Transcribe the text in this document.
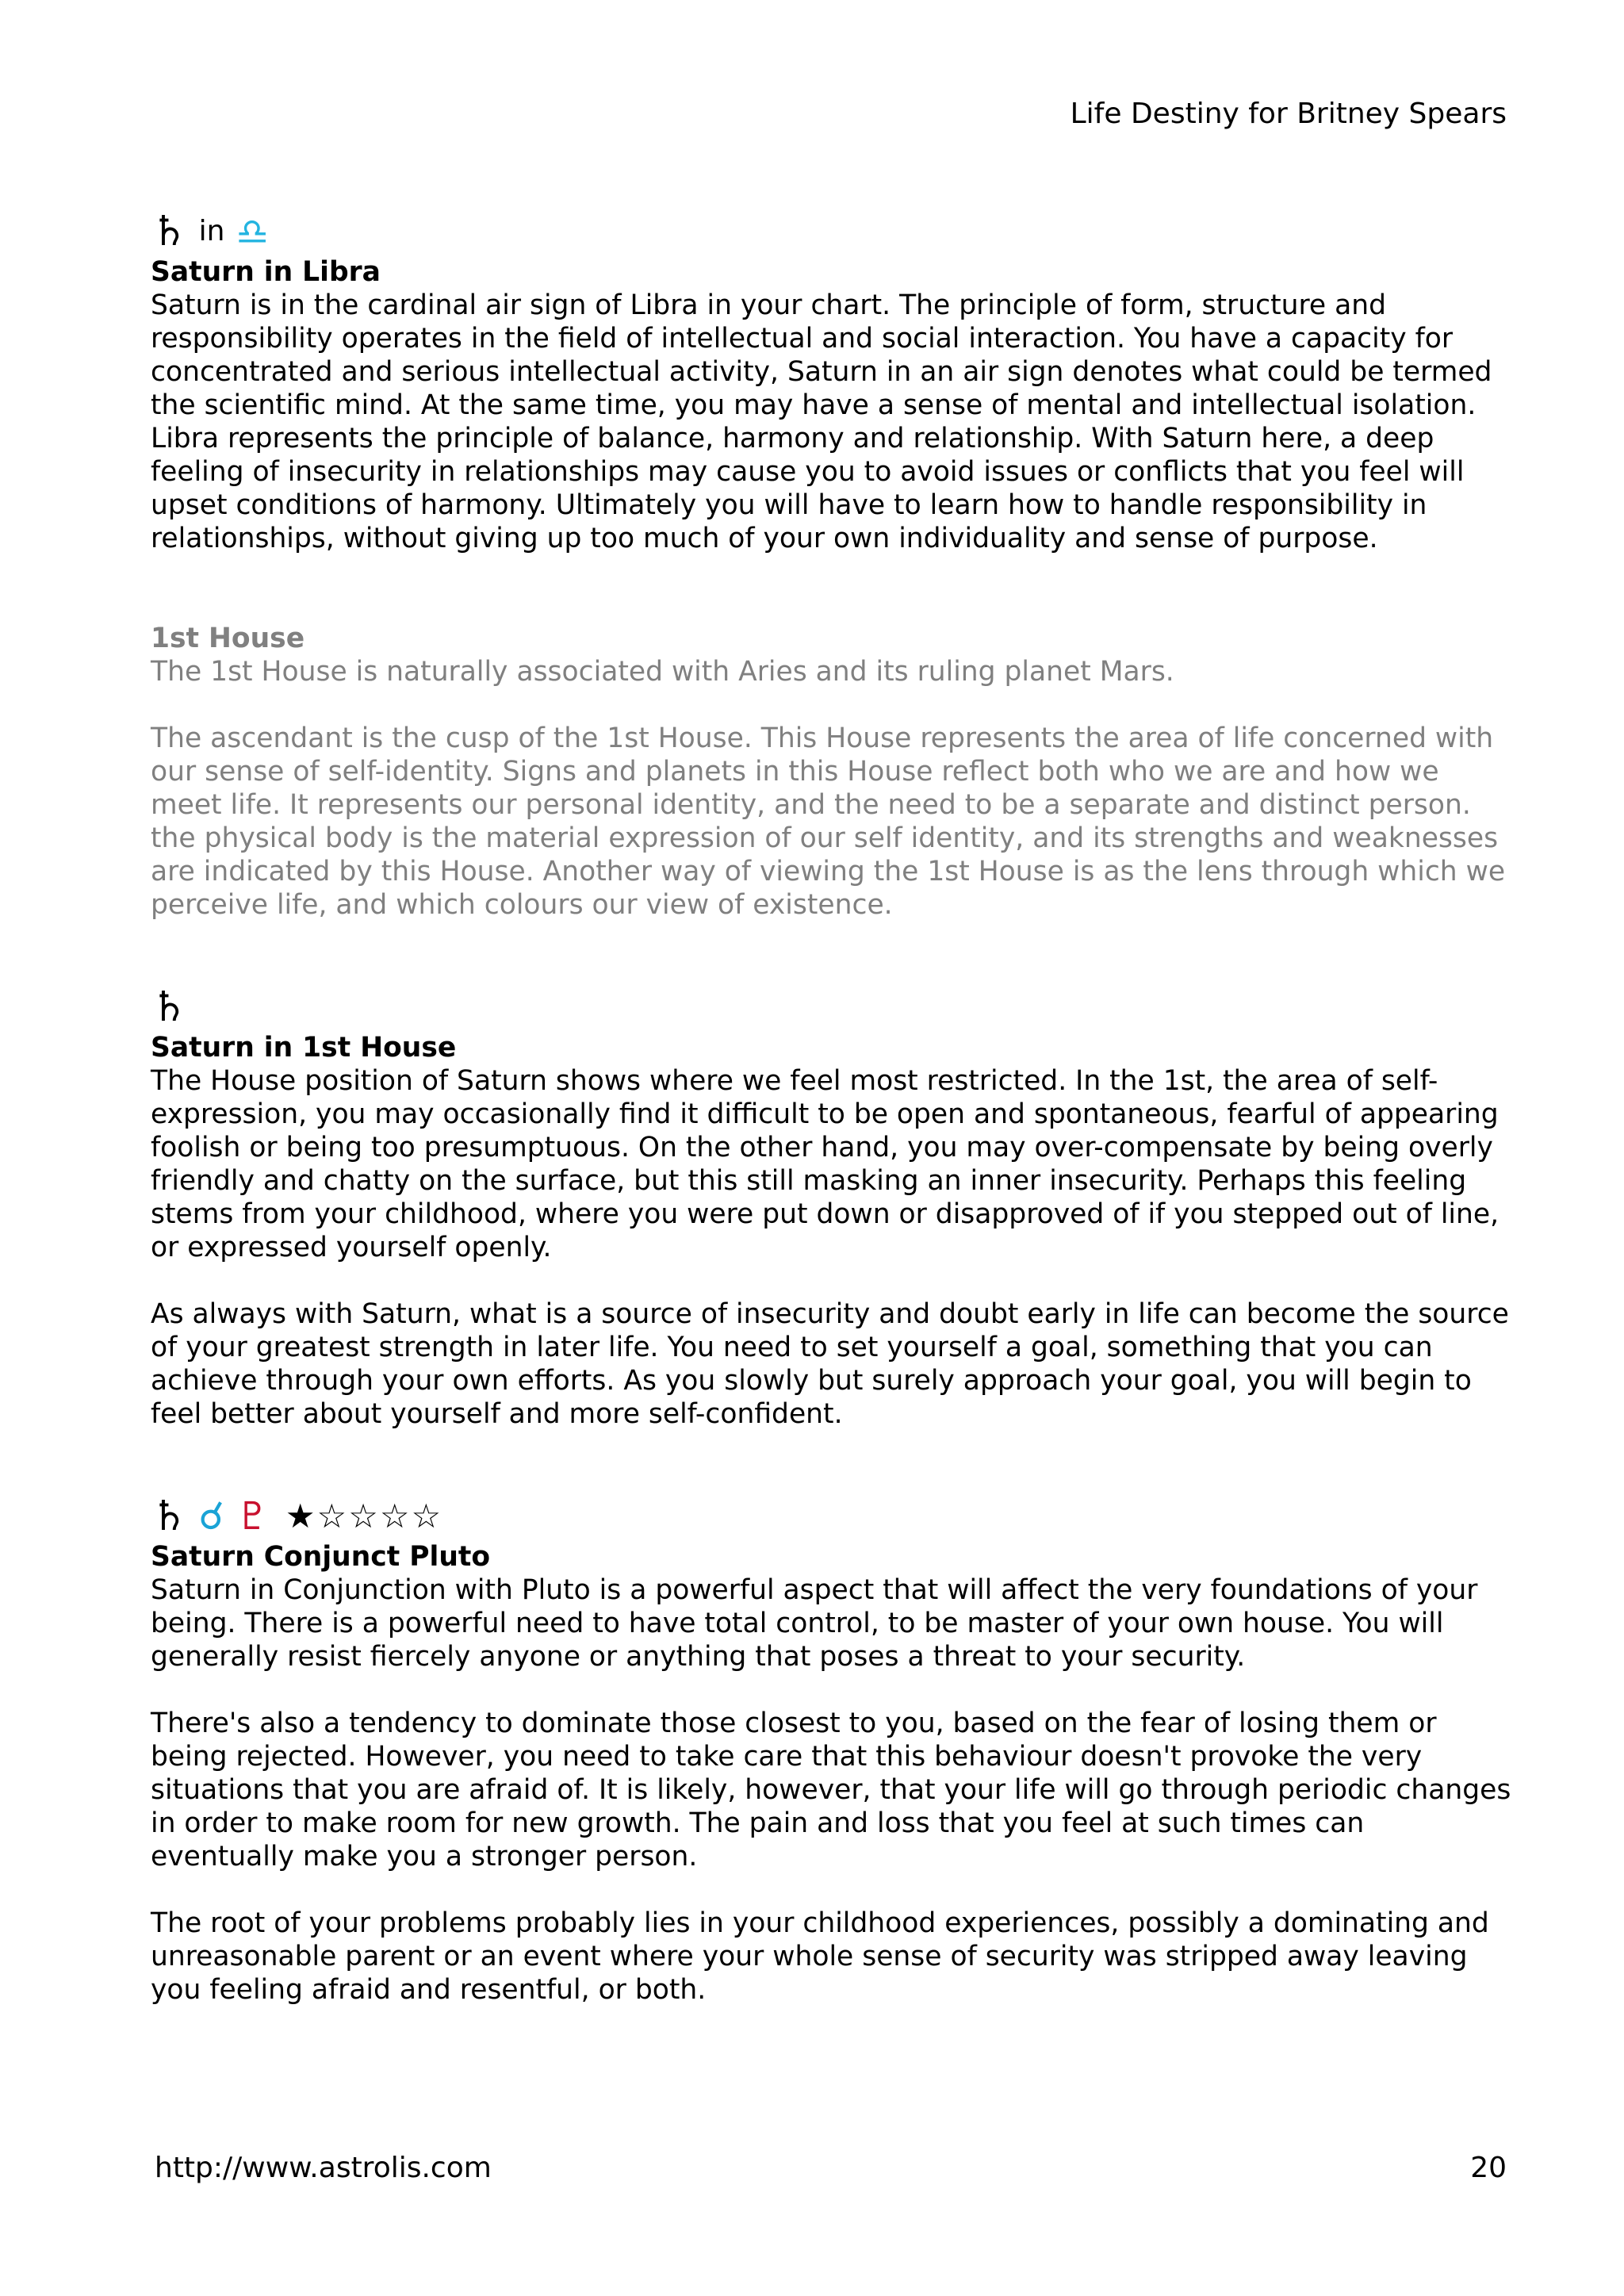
Life Destiny for Britney Spears
♄ in ♎

Saturn in Libra

Saturn is in the cardinal air sign of Libra in your chart. The principle of form, structure and responsibility operates in the field of intellectual and social interaction. You have a capacity for concentrated and serious intellectual activity, Saturn in an air sign denotes what could be termed the scientific mind. At the same time, you may have a sense of mental and intellectual isolation. Libra represents the principle of balance, harmony and relationship. With Saturn here, a deep feeling of insecurity in relationships may cause you to avoid issues or conflicts that you feel will upset conditions of harmony. Ultimately you will have to learn how to handle responsibility in relationships, without giving up too much of your own individuality and sense of purpose.

1st House

The 1st House is naturally associated with Aries and its ruling planet Mars.

The ascendant is the cusp of the 1st House. This House represents the area of life concerned with our sense of self-identity. Signs and planets in this House reflect both who we are and how we meet life. It represents our personal identity, and the need to be a separate and distinct person. the physical body is the material expression of our self identity, and its strengths and weaknesses are indicated by this House. Another way of viewing the 1st House is as the lens through which we perceive life, and which colours our view of existence.

♄

Saturn in 1st House

The House position of Saturn shows where we feel most restricted. In the 1st, the area of self-expression, you may occasionally find it difficult to be open and spontaneous, fearful of appearing foolish or being too presumptuous. On the other hand, you may over-compensate by being overly friendly and chatty on the surface, but this still masking an inner insecurity. Perhaps this feeling stems from your childhood, where you were put down or disapproved of if you stepped out of line, or expressed yourself openly.

As always with Saturn, what is a source of insecurity and doubt early in life can become the source of your greatest strength in later life. You need to set yourself a goal, something that you can achieve through your own efforts. As you slowly but surely approach your goal, you will begin to feel better about yourself and more self-confident.

♄ ☌ ♇ ★☆☆☆☆

Saturn Conjunct Pluto

Saturn in Conjunction with Pluto is a powerful aspect that will affect the very foundations of your being. There is a powerful need to have total control, to be master of your own house. You will generally resist fiercely anyone or anything that poses a threat to your security.

There's also a tendency to dominate those closest to you, based on the fear of losing them or being rejected. However, you need to take care that this behaviour doesn't provoke the very situations that you are afraid of. It is likely, however, that your life will go through periodic changes in order to make room for new growth. The pain and loss that you feel at such times can eventually make you a stronger person.

The root of your problems probably lies in your childhood experiences, possibly a dominating and unreasonable parent or an event where your whole sense of security was stripped away leaving you feeling afraid and resentful, or both.

http://www.astrolis.com	20
